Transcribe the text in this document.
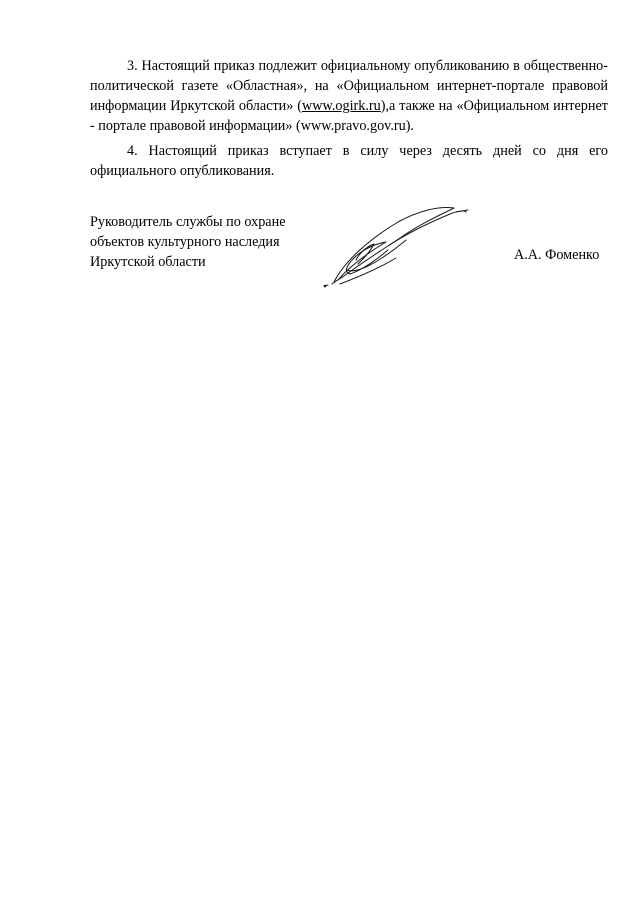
3. Настоящий приказ подлежит официальному опубликованию в общественно-политической газете «Областная», на «Официальном интернет-портале правовой информации Иркутской области» (www.ogirk.ru),а также на «Официальном интернет - портале правовой информации» (www.pravo.gov.ru).

4. Настоящий приказ вступает в силу через десять дней со дня его официального опубликования.

Руководитель службы по охране
объектов культурного наследия
Иркутской области	А.А. Фоменко
